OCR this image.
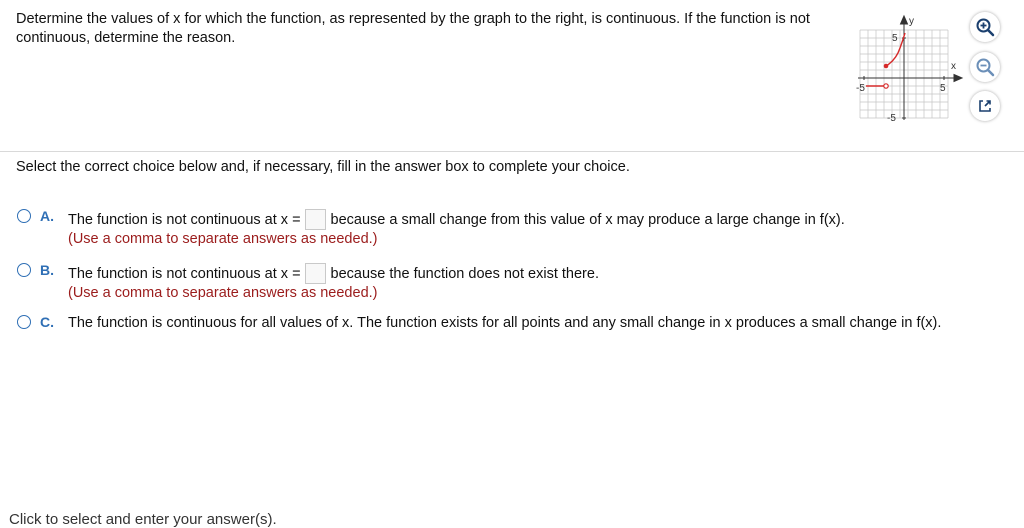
Determine the values of x for which the function, as represented by the graph to the right, is continuous. If the function is not continuous, determine the reason.
y
x
5
-5
-5	5
Select the correct choice below and, if necessary, fill in the answer box to complete your choice.
A. The function is not continuous at x = because a small change from this value of x may produce a large change in f(x).
(Use a comma to separate answers as needed.)
B. The function is not continuous at x = because the function does not exist there.
(Use a comma to separate answers as needed.)
C. The function is continuous for all values of x. The function exists for all points and any small change in x produces a small change in f(x).
Click to select and enter your answer(s).
